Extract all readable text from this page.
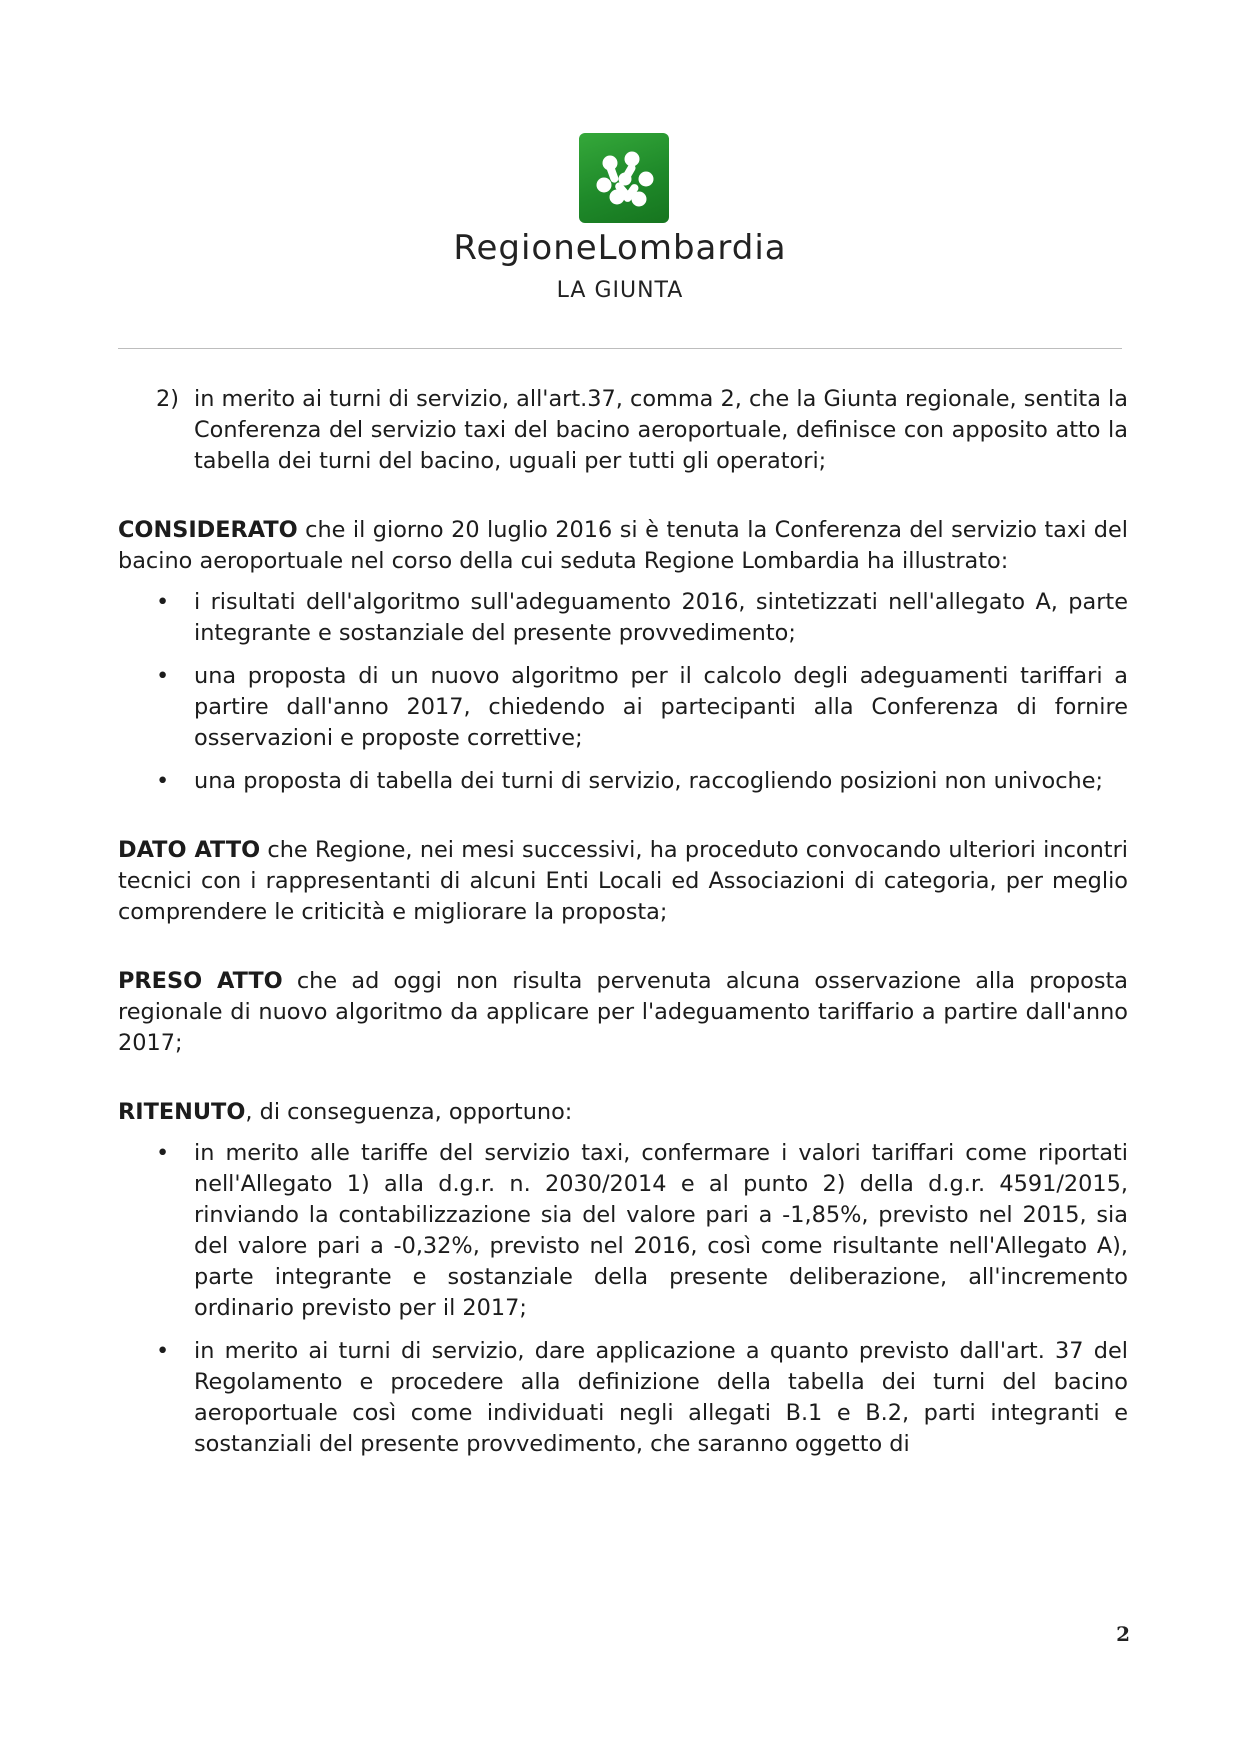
RegioneLombardia
LA GIUNTA
2) in merito ai turni di servizio, all'art.37, comma 2, che la Giunta regionale, sentita la Conferenza del servizio taxi del bacino aeroportuale, definisce con apposito atto la tabella dei turni del bacino, uguali per tutti gli operatori;

CONSIDERATO che il giorno 20 luglio 2016 si è tenuta la Conferenza del servizio taxi del bacino aeroportuale nel corso della cui seduta Regione Lombardia ha illustrato:

•	i risultati dell'algoritmo sull'adeguamento 2016, sintetizzati nell'allegato A, parte integrante e sostanziale del presente provvedimento;
•	una proposta di un nuovo algoritmo per il calcolo degli adeguamenti tariffari a partire dall'anno 2017, chiedendo ai partecipanti alla Conferenza di fornire osservazioni e proposte correttive;
•	una proposta di tabella dei turni di servizio, raccogliendo posizioni non univoche;

DATO ATTO che Regione, nei mesi successivi, ha proceduto convocando ulteriori incontri tecnici con i rappresentanti di alcuni Enti Locali ed Associazioni di categoria, per meglio comprendere le criticità e migliorare la proposta;

PRESO ATTO che ad oggi non risulta pervenuta alcuna osservazione alla proposta regionale di nuovo algoritmo da applicare per l'adeguamento tariffario a partire dall'anno 2017;

RITENUTO, di conseguenza, opportuno:

•	in merito alle tariffe del servizio taxi, confermare i valori tariffari come riportati nell'Allegato 1) alla d.g.r. n. 2030/2014 e al punto 2) della d.g.r. 4591/2015, rinviando la contabilizzazione sia del valore pari a -1,85%, previsto nel 2015, sia del valore pari a -0,32%, previsto nel 2016, così come risultante nell'Allegato A), parte integrante e sostanziale della presente deliberazione, all'incremento ordinario previsto per il 2017;
•	in merito ai turni di servizio, dare applicazione a quanto previsto dall'art. 37 del Regolamento e procedere alla definizione della tabella dei turni del bacino aeroportuale così come individuati negli allegati B.1 e B.2, parti integranti e sostanziali del presente provvedimento, che saranno oggetto di
2
